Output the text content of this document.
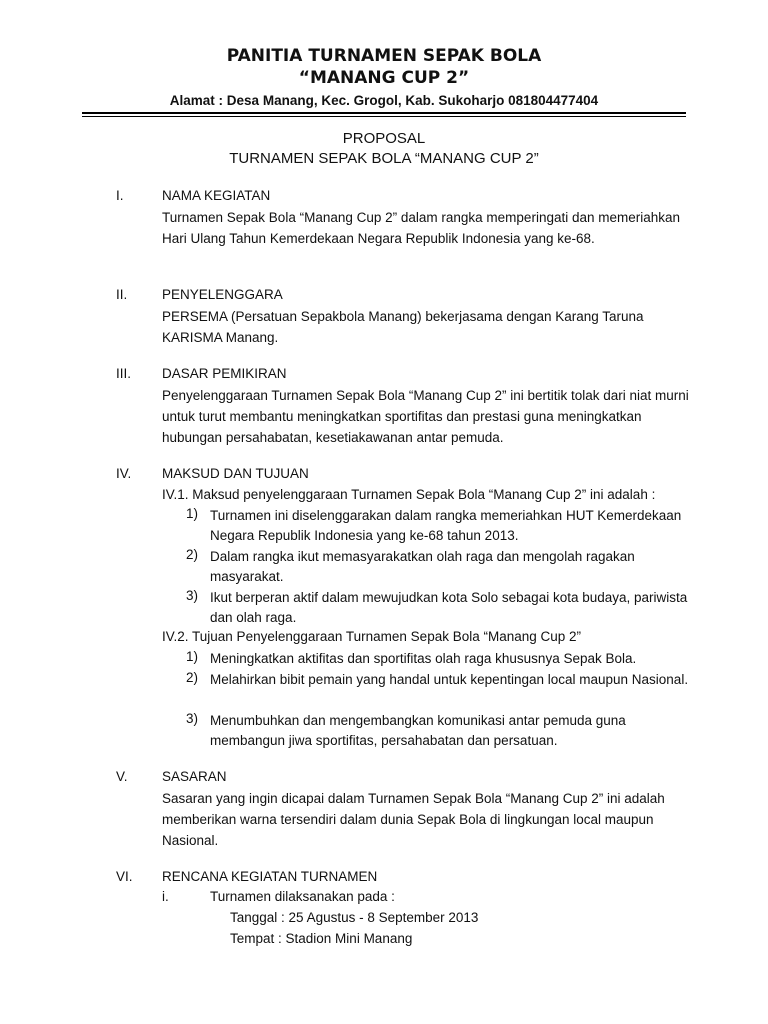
PANITIA TURNAMEN SEPAK BOLA
“MANANG CUP 2”
Alamat : Desa Manang, Kec. Grogol, Kab. Sukoharjo 081804477404
PROPOSAL
TURNAMEN SEPAK BOLA “MANANG CUP 2”
I.	NAMA KEGIATAN
Turnamen Sepak Bola “Manang Cup 2” dalam rangka memperingati dan memeriahkan Hari Ulang Tahun Kemerdekaan Negara Republik Indonesia yang ke-68.
II.	PENYELENGGARA
PERSEMA (Persatuan Sepakbola Manang) bekerjasama dengan Karang Taruna KARISMA Manang.
III. DASAR PEMIKIRAN
Penyelenggaraan Turnamen Sepak Bola “Manang Cup 2” ini bertitik tolak dari niat murni untuk turut membantu meningkatkan sportifitas dan prestasi guna meningkatkan hubungan persahabatan, kesetiakawanan antar pemuda.
IV. MAKSUD DAN TUJUAN
IV.1. Maksud penyelenggaraan Turnamen Sepak Bola “Manang Cup 2” ini adalah :
1) Turnamen ini diselenggarakan dalam rangka memeriahkan HUT Kemerdekaan Negara Republik Indonesia yang ke-68 tahun 2013.
2) Dalam rangka ikut memasyarakatkan olah raga dan mengolah ragakan masyarakat.
3) Ikut berperan aktif dalam mewujudkan kota Solo sebagai kota budaya, pariwista dan olah raga.
IV.2. Tujuan Penyelenggaraan Turnamen Sepak Bola “Manang Cup 2”
1) Meningkatkan aktifitas dan sportifitas olah raga khususnya Sepak Bola.
2) Melahirkan bibit pemain yang handal untuk kepentingan local maupun Nasional.
3) Menumbuhkan dan mengembangkan komunikasi antar pemuda guna membangun jiwa sportifitas, persahabatan dan persatuan.
V.	SASARAN
Sasaran yang ingin dicapai dalam Turnamen Sepak Bola “Manang Cup 2” ini adalah memberikan warna tersendiri dalam dunia Sepak Bola di lingkungan local maupun Nasional.
VI. RENCANA KEGIATAN TURNAMEN
i.	Turnamen dilaksanakan pada :
Tanggal : 25 Agustus - 8 September 2013
Tempat : Stadion Mini Manang
